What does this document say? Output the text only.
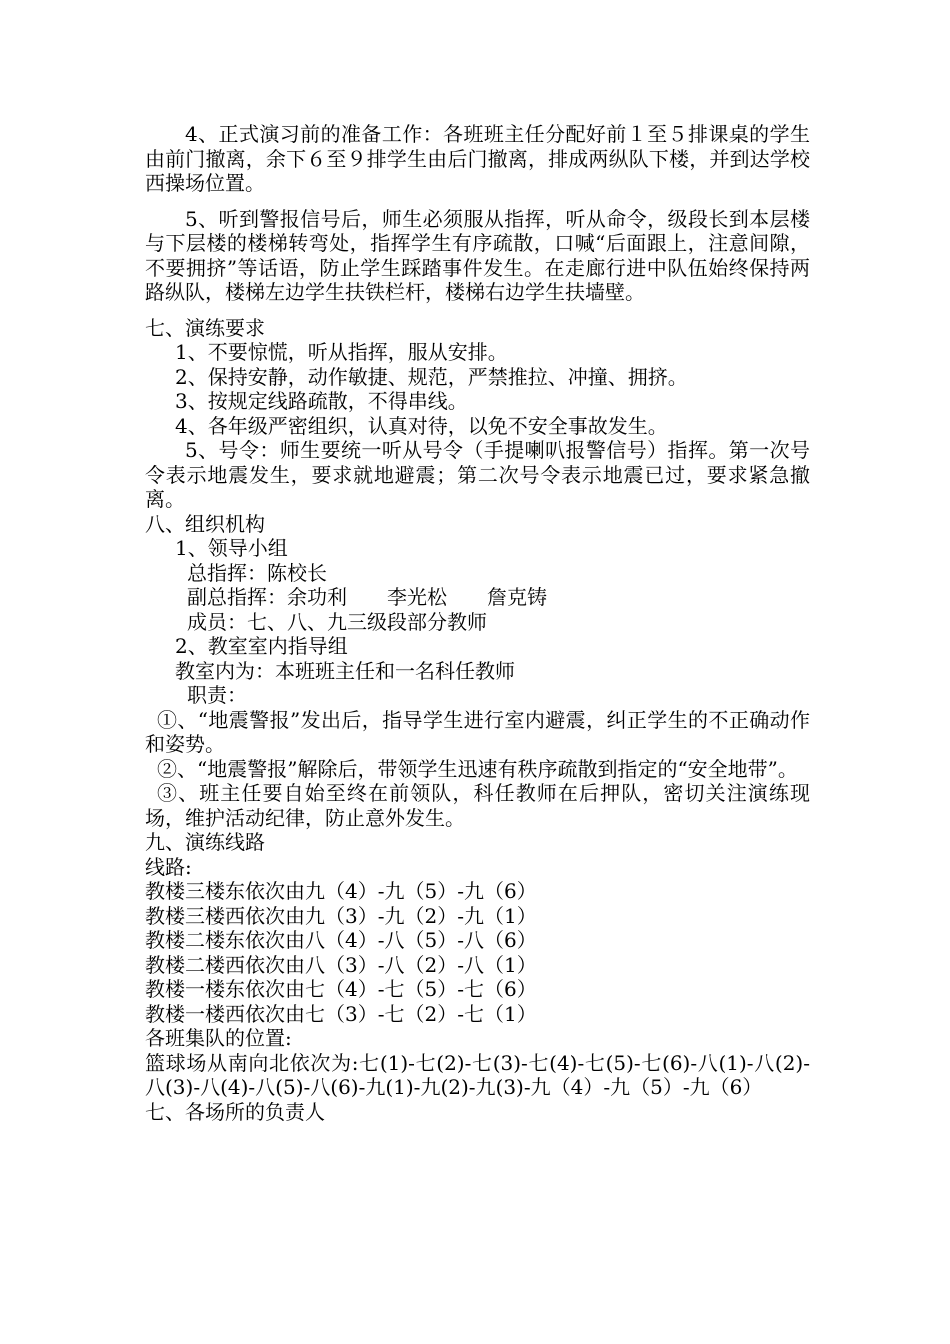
4、正式演习前的准备工作：各班班主任分配好前１至５排课桌的学生由前门撤离，余下６至９排学生由后门撤离，排成两纵队下楼，并到达学校西操场位置。

5、听到警报信号后，师生必须服从指挥，听从命令，级段长到本层楼与下层楼的楼梯转弯处，指挥学生有序疏散，口喊“后面跟上，注意间隙，不要拥挤”等话语，防止学生踩踏事件发生。在走廊行进中队伍始终保持两路纵队，楼梯左边学生扶铁栏杆，楼梯右边学生扶墙壁。

七、演练要求

1、不要惊慌，听从指挥，服从安排。

2、保持安静，动作敏捷、规范，严禁推拉、冲撞、拥挤。

3、按规定线路疏散，不得串线。

4、各年级严密组织，认真对待，以免不安全事故发生。

5、号令：师生要统一听从号令（手提喇叭报警信号）指挥。第一次号令表示地震发生，要求就地避震；第二次号令表示地震已过，要求紧急撤离。

八、组织机构

1、领导小组

总指挥：陈校长

副总指挥：余功利　　李光松　　詹克铸

成员：七、八、九三级段部分教师

2、教室室内指导组

教室内为：本班班主任和一名科任教师

职责：

①、“地震警报”发出后，指导学生进行室内避震，纠正学生的不正确动作和姿势。

②、“地震警报”解除后，带领学生迅速有秩序疏散到指定的“安全地带”。

③、班主任要自始至终在前领队，科任教师在后押队，密切关注演练现场，维护活动纪律，防止意外发生。

九、演练线路

线路:

教楼三楼东依次由九（4）-九（5）-九（6）

教楼三楼西依次由九（3）-九（2）-九（1）

教楼二楼东依次由八（4）-八（5）-八（6）

教楼二楼西依次由八（3）-八（2）-八（1）

教楼一楼东依次由七（4）-七（5）-七（6）

教楼一楼西依次由七（3）-七（2）-七（1）

各班集队的位置:

篮球场从南向北依次为:七(1)-七(2)-七(3)-七(4)-七(5)-七(6)-八(1)-八(2)-八(3)-八(4)-八(5)-八(6)-九(1)-九(2)-九(3)-九（4）-九（5）-九（6）

七、各场所的负责人
